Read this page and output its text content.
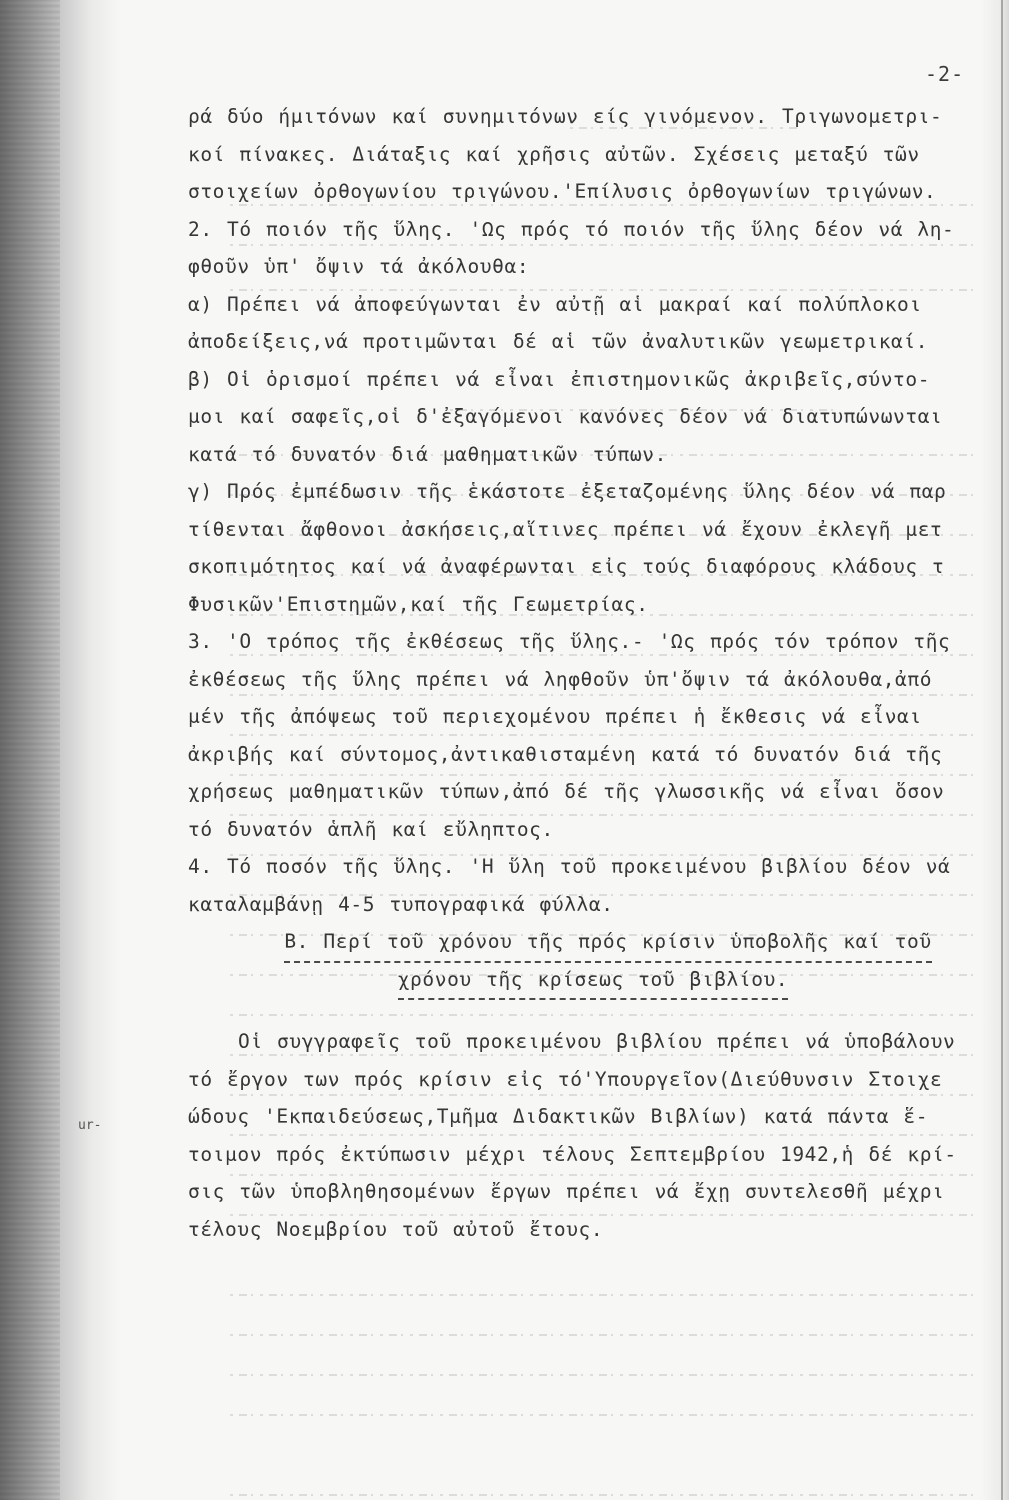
ur-
-2-
ρά δύο ήμιτόνων καί συνημιτόνων είς γινόμενον. Τριγωνομετρι-
κοί πίνακες. Διάταξις καί χρῆσις αὐτῶν. Σχέσεις μεταξύ τῶν
στοιχείων ὀρθογωνίου τριγώνου.'Επίλυσις ὀρθογωνίων τριγώνων.
2. Τό ποιόν τῆς ὕλης. 'Ως πρός τό ποιόν τῆς ὕλης δέον νά λη-
φθοῦν ὑπ' ὄψιν τά ἀκόλουθα:
α) Πρέπει νά ἀποφεύγωνται ἐν αὐτῇ αἱ μακραί καί πολύπλοκοι
ἀποδείξεις,νά προτιμῶνται δέ αἱ τῶν ἀναλυτικῶν γεωμετρικαί.
β) Οἱ ὁρισμοί πρέπει νά εἶναι ἐπιστημονικῶς ἀκριβεῖς,σύντο-
μοι καί σαφεῖς,οἱ δ'ἐξαγόμενοι κανόνες δέον νά διατυπώνωνται
κατά τό δυνατόν διά μαθηματικῶν τύπων.
γ) Πρός ἐμπέδωσιν τῆς ἑκάστοτε ἐξεταζομένης ὕλης δέον νά παρ
τίθενται ἄφθονοι ἀσκήσεις,αἵτινες πρέπει νά ἔχουν ἐκλεγῆ μετ
σκοπιμότητος καί νά ἀναφέρωνται εἰς τούς διαφόρους κλάδους τ
Φυσικῶν'Επιστημῶν,καί τῆς Γεωμετρίας.
3. 'Ο τρόπος τῆς ἐκθέσεως τῆς ὕλης.- 'Ως πρός τόν τρόπον τῆς
ἐκθέσεως τῆς ὕλης πρέπει νά ληφθοῦν ὑπ'ὄψιν τά ἀκόλουθα,ἀπό
μέν τῆς ἀπόψεως τοῦ περιεχομένου πρέπει ἡ ἔκθεσις νά εἶναι
ἀκριβής καί σύντομος,ἀντικαθισταμένη κατά τό δυνατόν διά τῆς
χρήσεως μαθηματικῶν τύπων,ἀπό δέ τῆς γλωσσικῆς νά εἶναι ὅσον
τό δυνατόν ἁπλῆ καί εὔληπτος.
4. Τό ποσόν τῆς ὕλης. 'Η ὕλη τοῦ προκειμένου βιβλίου δέον νά
καταλαμβάνῃ 4-5 τυπογραφικά φύλλα.
Β. Περί τοῦ χρόνου τῆς πρός κρίσιν ὑποβολῆς καί τοῦ
χρόνου τῆς κρίσεως τοῦ βιβλίου.
Οἱ συγγραφεῖς τοῦ προκειμένου βιβλίου πρέπει νά ὑποβάλουν
τό ἔργον των πρός κρίσιν εἰς τό'Υπουργεῖον(Διεύθυνσιν Στοιχε
ώδους 'Εκπαιδεύσεως,Τμῆμα Διδακτικῶν Βιβλίων) κατά πάντα ἕ-
τοιμον πρός ἐκτύπωσιν μέχρι τέλους Σεπτεμβρίου 1942,ἡ δέ κρί-
σις τῶν ὑποβληθησομένων ἔργων πρέπει νά ἔχῃ συντελεσθῆ μέχρι
τέλους Νοεμβρίου τοῦ αὐτοῦ ἔτους.
